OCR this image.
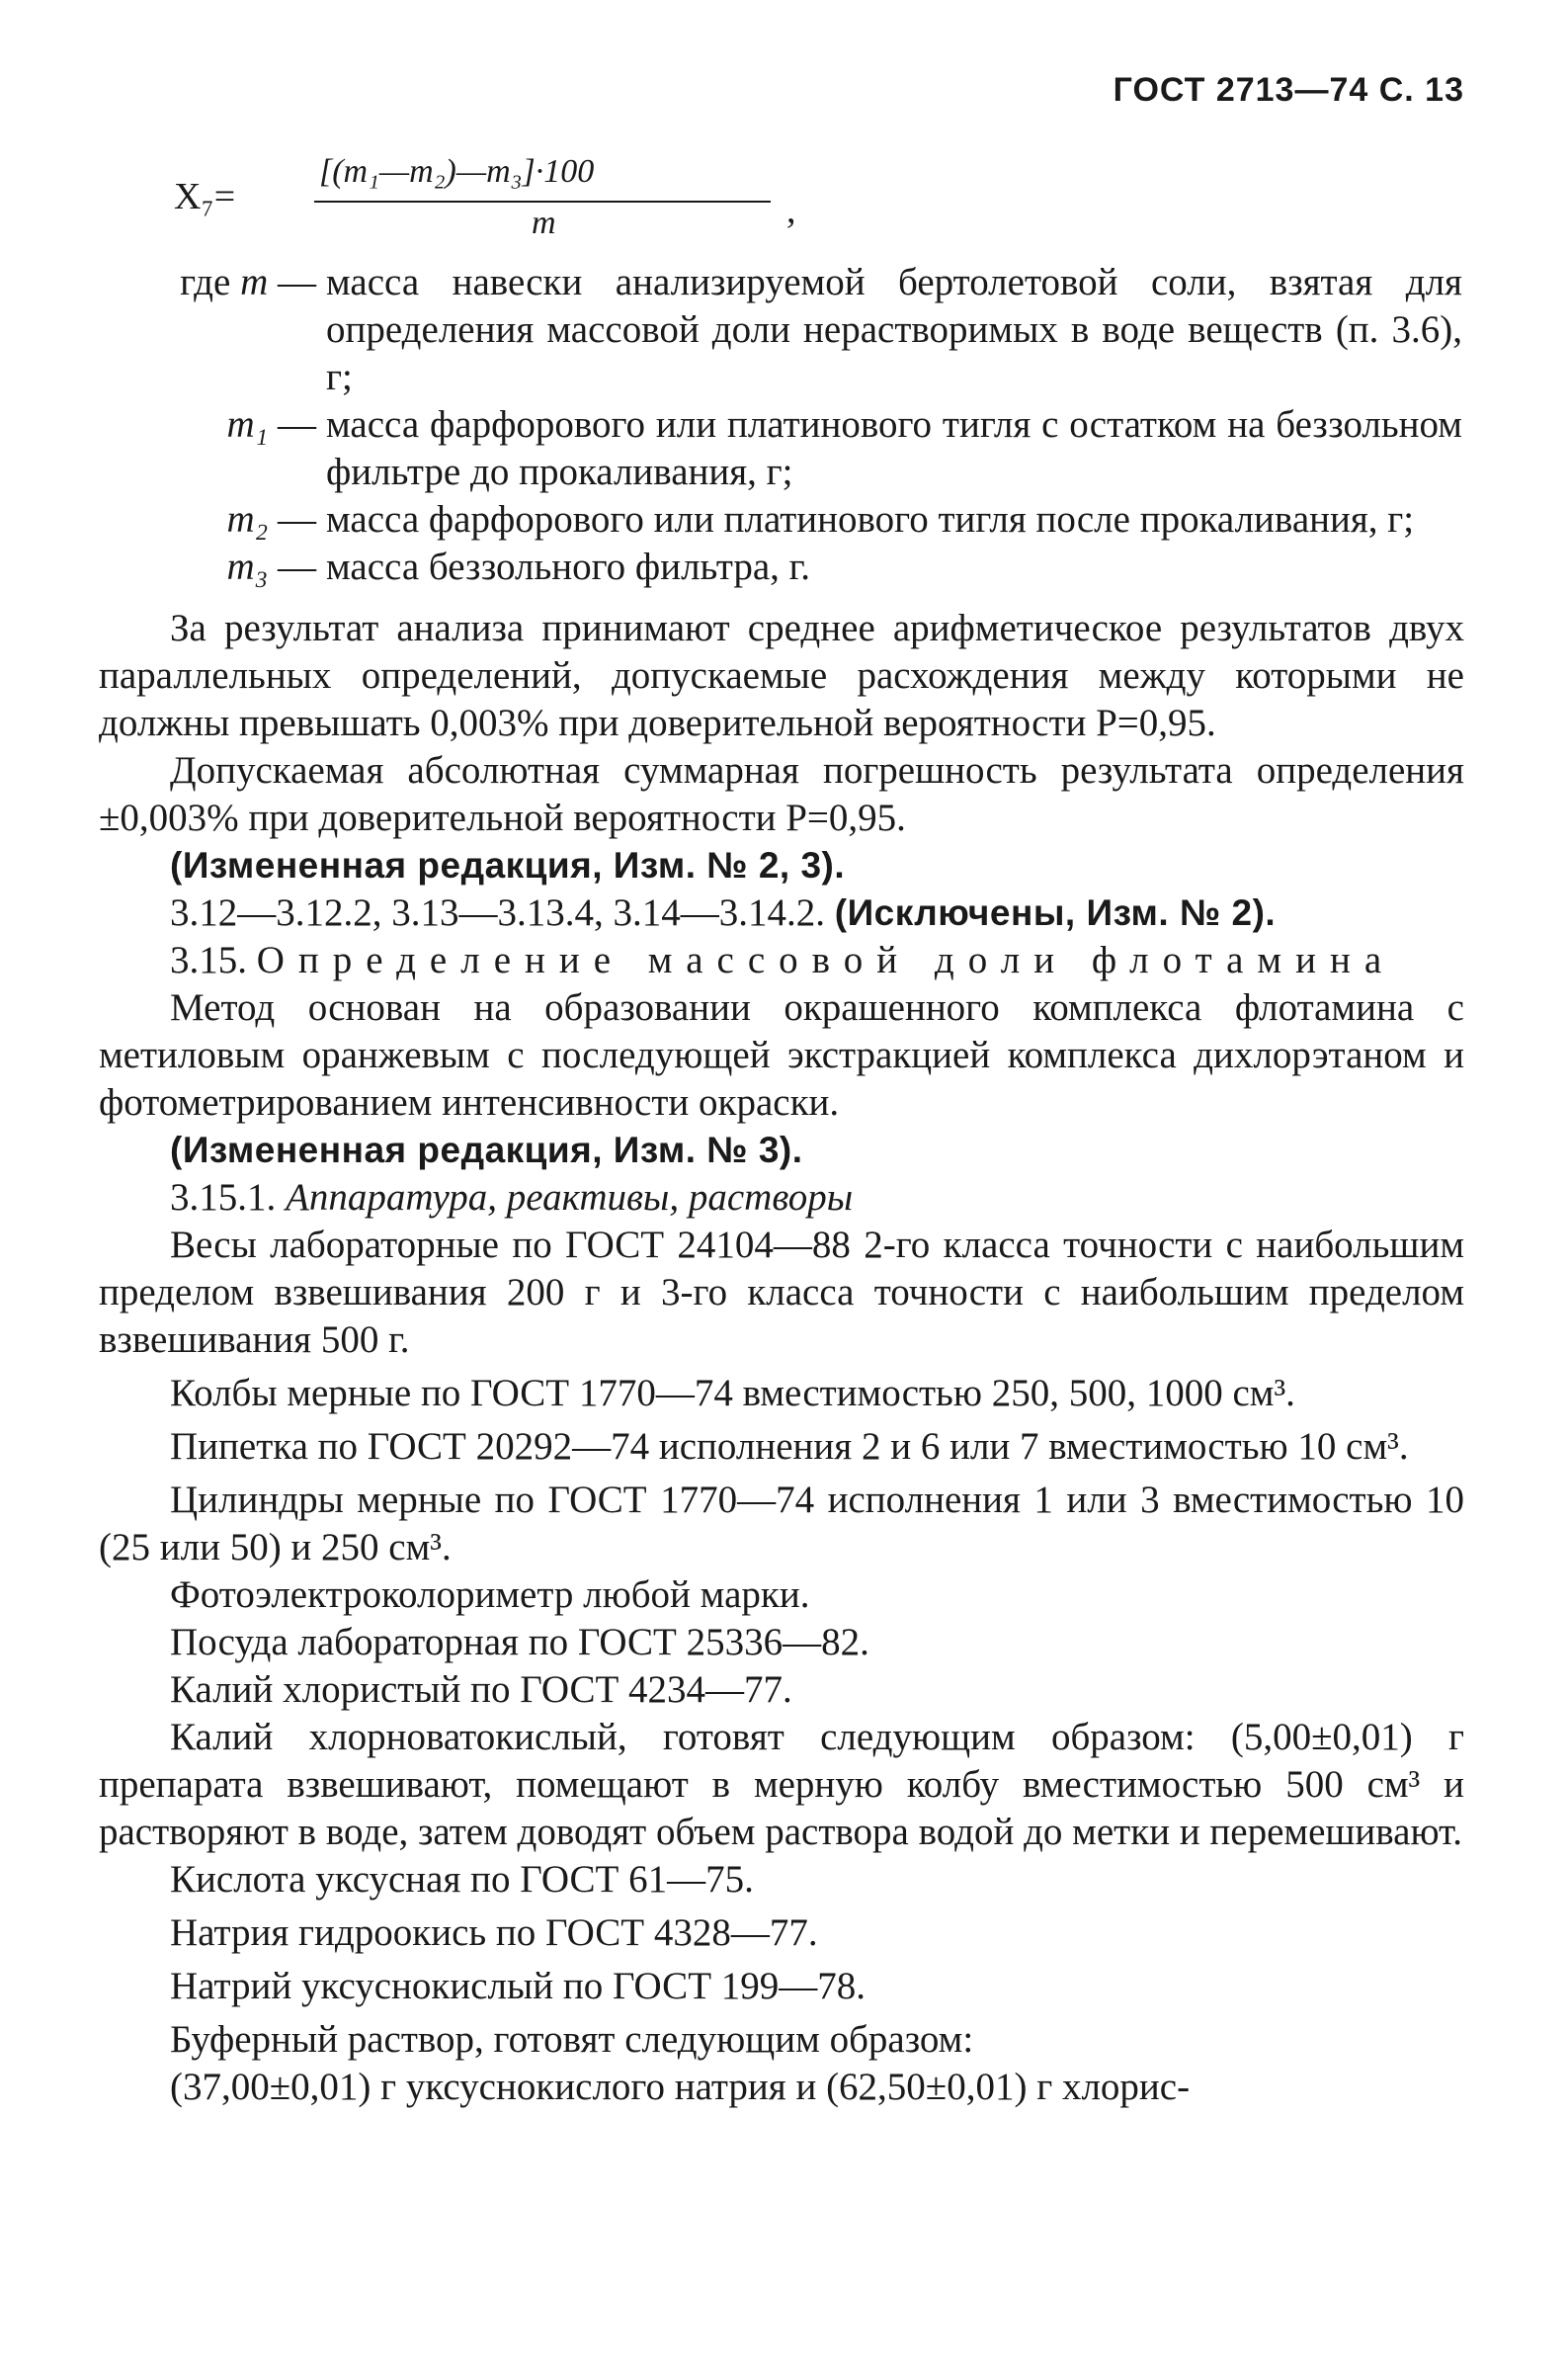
ГОСТ 2713—74 С. 13
X₇=
[(m₁—m₂)—m₃]·100
m	,
где m — масса навески анализируемой бертолетовой соли, взятая для определения массовой доли нерастворимых в воде веществ (п. 3.6), г;
m₁ — масса фарфорового или платинового тигля с остатком на беззольном фильтре до прокаливания, г;
m₂ — масса фарфорового или платинового тигля после прокаливания, г;
m₃ — масса беззольного фильтра, г.

За результат анализа принимают среднее арифметическое результатов двух параллельных определений, допускаемые расхождения между которыми не должны превышать 0,003% при доверительной вероятности P=0,95.

Допускаемая абсолютная суммарная погрешность результата определения ±0,003% при доверительной вероятности P=0,95.

(Измененная редакция, Изм. № 2, 3).

3.12—3.12.2, 3.13—3.13.4, 3.14—3.14.2. (Исключены, Изм. № 2).

3.15. Определение массовой доли флотамина

Метод основан на образовании окрашенного комплекса флотамина с метиловым оранжевым с последующей экстракцией комплекса дихлорэтаном и фотометрированием интенсивности окраски.

(Измененная редакция, Изм. № 3).

3.15.1. Аппаратура, реактивы, растворы

Весы лабораторные по ГОСТ 24104—88 2-го класса точности с наибольшим пределом взвешивания 200 г и 3-го класса точности с наибольшим пределом взвешивания 500 г.

Колбы мерные по ГОСТ 1770—74 вместимостью 250, 500, 1000 см³.

Пипетка по ГОСТ 20292—74 исполнения 2 и 6 или 7 вместимостью 10 см³.

Цилиндры мерные по ГОСТ 1770—74 исполнения 1 или 3 вместимостью 10 (25 или 50) и 250 см³.

Фотоэлектроколориметр любой марки.

Посуда лабораторная по ГОСТ 25336—82.

Калий хлористый по ГОСТ 4234—77.

Калий хлорноватокислый, готовят следующим образом: (5,00±0,01) г препарата взвешивают, помещают в мерную колбу вместимостью 500 см³ и растворяют в воде, затем доводят объем раствора водой до метки и перемешивают.

Кислота уксусная по ГОСТ 61—75.

Натрия гидроокись по ГОСТ 4328—77.

Натрий уксуснокислый по ГОСТ 199—78.

Буферный раствор, готовят следующим образом:

(37,00±0,01) г уксуснокислого натрия и (62,50±0,01) г хлорис-
